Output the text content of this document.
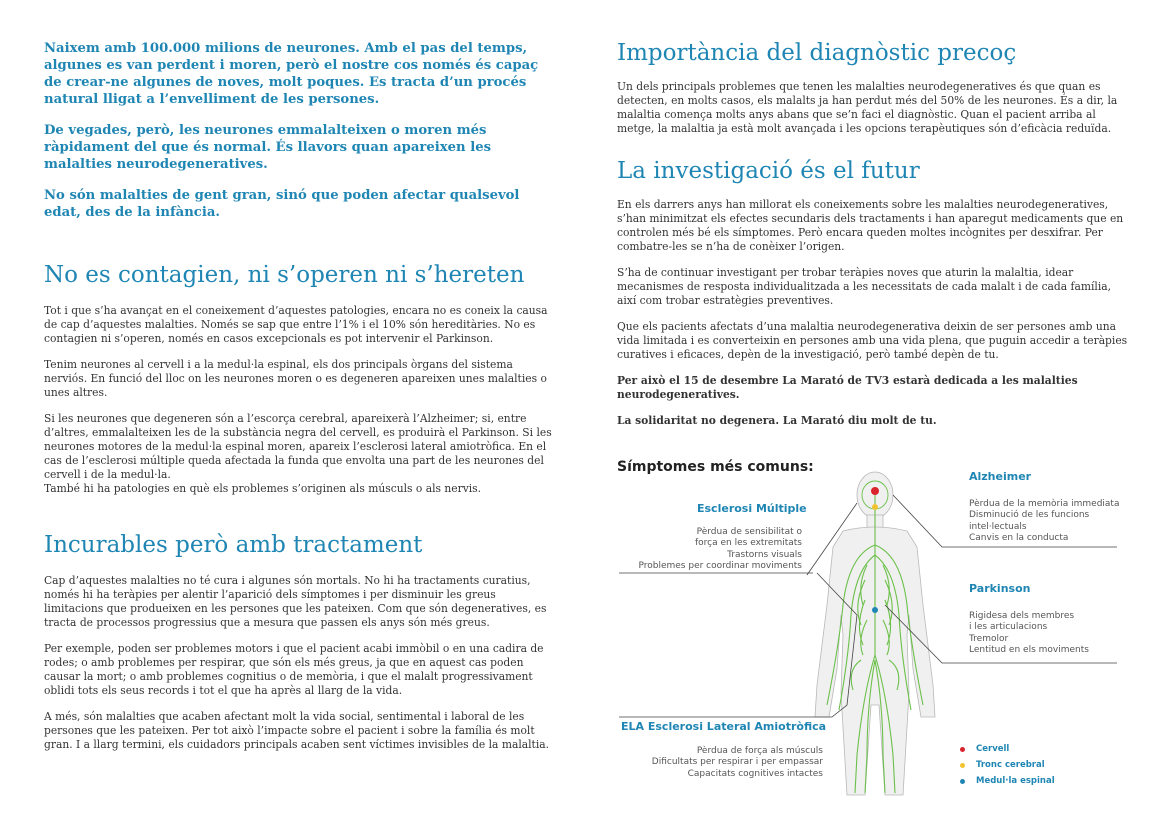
Naixem amb 100.000 milions de neurones. Amb el pas del temps, algunes es van perdent i moren, però el nostre cos només és capaç de crear-ne algunes de noves, molt poques. Es tracta d’un procés natural lligat a l’envelliment de les persones.

De vegades, però, les neurones emmalalteixen o moren més ràpidament del que és normal. És llavors quan apareixen les malalties neurodegeneratives.

No són malalties de gent gran, sinó que poden afectar qualsevol edat, des de la infància.

No es contagien, ni s’operen ni s’hereten

Tot i que s’ha avançat en el coneixement d’aquestes patologies, encara no es coneix la causa de cap d’aquestes malalties. Només se sap que entre l’1% i el 10% són hereditàries. No es contagien ni s’operen, només en casos excepcionals es pot intervenir el Parkinson.

Tenim neurones al cervell i a la medul·la espinal, els dos principals òrgans del sistema nerviós. En funció del lloc on les neurones moren o es degeneren apareixen unes malalties o unes altres.

Si les neurones que degeneren són a l’escorça cerebral, apareixerà l’Alzheimer; si, entre d’altres, emmalalteixen les de la substància negra del cervell, es produirà el Parkinson. Si les neurones motores de la medul·la espinal moren, apareix l’esclerosi lateral amiotròfica. En el cas de l’esclerosi múltiple queda afectada la funda que envolta una part de les neurones del cervell i de la medul·la.

També hi ha patologies en què els problemes s’originen als músculs o als nervis.

Incurables però amb tractament

Cap d’aquestes malalties no té cura i algunes són mortals. No hi ha tractaments curatius, només hi ha teràpies per alentir l’aparició dels símptomes i per disminuir les greus limitacions que produeixen en les persones que les pateixen. Com que són degeneratives, es tracta de processos progressius que a mesura que passen els anys són més greus.

Per exemple, poden ser problemes motors i que el pacient acabi immòbil o en una cadira de rodes; o amb problemes per respirar, que són els més greus, ja que en aquest cas poden causar la mort; o amb problemes cognitius o de memòria, i que el malalt progressivament oblidi tots els seus records i tot el que ha après al llarg de la vida.

A més, són malalties que acaben afectant molt la vida social, sentimental i laboral de les persones que les pateixen. Per tot això l’impacte sobre el pacient i sobre la família és molt gran. I a llarg termini, els cuidadors principals acaben sent víctimes invisibles de la malaltia.

Importància del diagnòstic precoç

Un dels principals problemes que tenen les malalties neurodegeneratives és que quan es detecten, en molts casos, els malalts ja han perdut més del 50% de les neurones. És a dir, la malaltia comença molts anys abans que se’n faci el diagnòstic. Quan el pacient arriba al metge, la malaltia ja està molt avançada i les opcions terapèutiques són d’eficàcia reduïda.

La investigació és el futur

En els darrers anys han millorat els coneixements sobre les malalties neurodegeneratives, s’han minimitzat els efectes secundaris dels tractaments i han aparegut medicaments que en controlen més bé els símptomes. Però encara queden moltes incògnites per desxifrar. Per combatre-les se n’ha de conèixer l’origen.

S’ha de continuar investigant per trobar teràpies noves que aturin la malaltia, idear mecanismes de resposta individualitzada a les necessitats de cada malalt i de cada família, així com trobar estratègies preventives.

Que els pacients afectats d’una malaltia neurodegenerativa deixin de ser persones amb una vida limitada i es converteixin en persones amb una vida plena, que puguin accedir a teràpies curatives i eficaces, depèn de la investigació, però també depèn de tu.

Per això el 15 de desembre La Marató de TV3 estarà dedicada a les malalties neurodegeneratives.

La solidaritat no degenera. La Marató diu molt de tu.

Símptomes més comuns:
Esclerosi Múltiple
Pèrdua de sensibilitat o
força en les extremitats
Trastorns visuals
Problemes per coordinar moviments
Alzheimer
Pèrdua de la memòria immediata
Disminució de les funcions
intel·lectuals
Canvis en la conducta
Parkinson
Rigidesa dels membres
i les articulacions
Tremolor
Lentitud en els moviments
ELA Esclerosi Lateral Amiotròfica
Pèrdua de força als músculs
Dificultats per respirar i per empassar
Capacitats cognitives intactes
Cervell
Tronc cerebral
Medul·la espinal
